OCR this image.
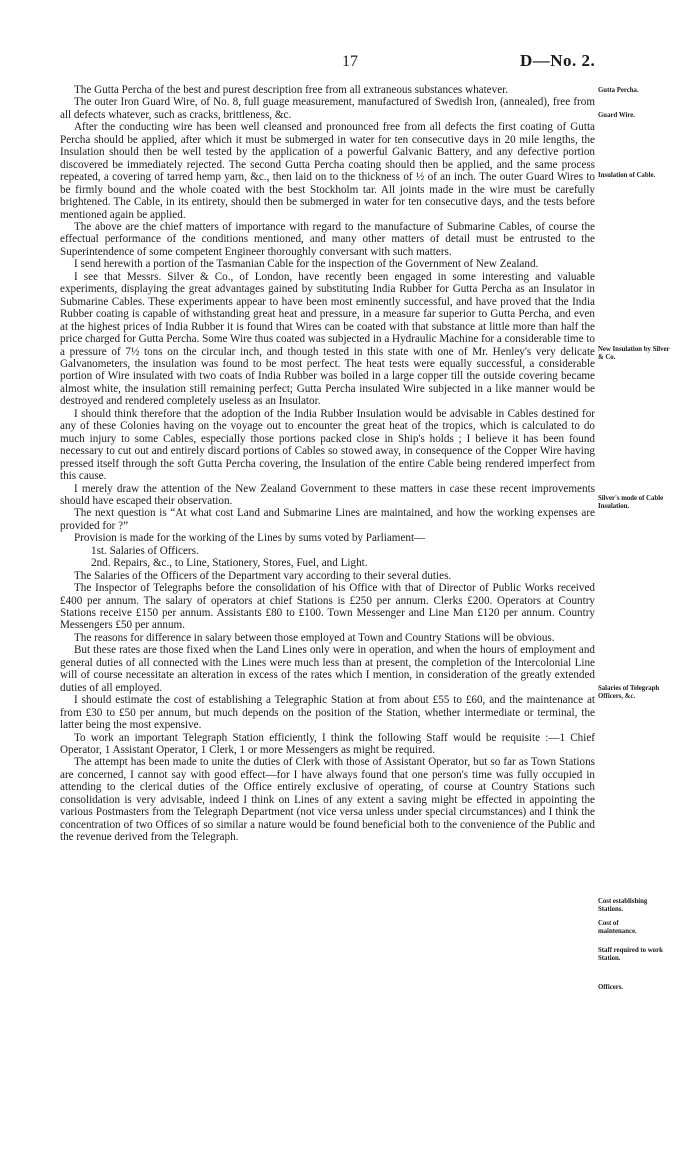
17	D—No. 2.

The Gutta Percha of the best and purest description free from all extraneous substances whatever.

The outer Iron Guard Wire, of No. 8, full guage measurement, manufactured of Swedish Iron, (annealed), free from all defects whatever, such as cracks, brittleness, &c.

After the conducting wire has been well cleansed and pronounced free from all defects the first coating of Gutta Percha should be applied, after which it must be submerged in water for ten consecutive days in 20 mile lengths, the Insulation should then be well tested by the application of a powerful Galvanic Battery, and any defective portion discovered be immediately rejected. The second Gutta Percha coating should then be applied, and the same process repeated, a covering of tarred hemp yarn, &c., then laid on to the thickness of ½ of an inch. The outer Guard Wires to be firmly bound and the whole coated with the best Stockholm tar. All joints made in the wire must be carefully brightened. The Cable, in its entirety, should then be submerged in water for ten consecutive days, and the tests before mentioned again be applied.

The above are the chief matters of importance with regard to the manufacture of Submarine Cables, of course the effectual performance of the conditions mentioned, and many other matters of detail must be entrusted to the Superintendence of some competent Engineer thoroughly conversant with such matters.

I send herewith a portion of the Tasmanian Cable for the inspection of the Government of New Zealand.

I see that Messrs. Silver & Co., of London, have recently been engaged in some interesting and valuable experiments, displaying the great advantages gained by substituting India Rubber for Gutta Percha as an Insulator in Submarine Cables. These experiments appear to have been most eminently successful, and have proved that the India Rubber coating is capable of withstanding great heat and pressure, in a measure far superior to Gutta Percha, and even at the highest prices of India Rubber it is found that Wires can be coated with that substance at little more than half the price charged for Gutta Percha. Some Wire thus coated was subjected in a Hydraulic Machine for a considerable time to a pressure of 7½ tons on the circular inch, and though tested in this state with one of Mr. Henley's very delicate Galvanometers, the insulation was found to be most perfect. The heat tests were equally successful, a considerable portion of Wire insulated with two coats of India Rubber was boiled in a large copper till the outside covering became almost white, the insulation still remaining perfect; Gutta Percha insulated Wire subjected in a like manner would be destroyed and rendered completely useless as an Insulator.

I should think therefore that the adoption of the India Rubber Insulation would be advisable in Cables destined for any of these Colonies having on the voyage out to encounter the great heat of the tropics, which is calculated to do much injury to some Cables, especially those portions packed close in Ship's holds ; I believe it has been found necessary to cut out and entirely discard portions of Cables so stowed away, in consequence of the Copper Wire having pressed itself through the soft Gutta Percha covering, the Insulation of the entire Cable being rendered imperfect from this cause.

I merely draw the attention of the New Zealand Government to these matters in case these recent improvements should have escaped their observation.

The next question is “At what cost Land and Submarine Lines are maintained, and how the working expenses are provided for ?”

Provision is made for the working of the Lines by sums voted by Parliament—

1st. Salaries of Officers.

2nd. Repairs, &c., to Line, Stationery, Stores, Fuel, and Light.

The Salaries of the Officers of the Department vary according to their several duties.

The Inspector of Telegraphs before the consolidation of his Office with that of Director of Public Works received £400 per annum. The salary of operators at chief Stations is £250 per annum. Clerks £200. Operators at Country Stations receive £150 per annum. Assistants £80 to £100. Town Messenger and Line Man £120 per annum. Country Messengers £50 per annum.

The reasons for difference in salary between those employed at Town and Country Stations will be obvious.

But these rates are those fixed when the Land Lines only were in operation, and when the hours of employment and general duties of all connected with the Lines were much less than at present, the completion of the Intercolonial Line will of course necessitate an alteration in excess of the rates which I mention, in consideration of the greatly extended duties of all employed.

I should estimate the cost of establishing a Telegraphic Station at from about £55 to £60, and the maintenance at from £30 to £50 per annum, but much depends on the position of the Station, whether intermediate or terminal, the latter being the most expensive.

To work an important Telegraph Station efficiently, I think the following Staff would be requisite :—1 Chief Operator, 1 Assistant Operator, 1 Clerk, 1 or more Messengers as might be required.

The attempt has been made to unite the duties of Clerk with those of Assistant Operator, but so far as Town Stations are concerned, I cannot say with good effect—for I have always found that one person's time was fully occupied in attending to the clerical duties of the Office entirely exclusive of operating, of course at Country Stations such consolidation is very advisable, indeed I think on Lines of any extent a saving might be effected in appointing the various Postmasters from the Telegraph Department (not vice versa unless under special circumstances) and I think the concentration of two Offices of so similar a nature would be found beneficial both to the convenience of the Public and the revenue derived from the Telegraph.

Gutta Percha.
Guard Wire.
Insulation of Cable.
New Insulation by Silver & Co.
Silver's mode of Cable Insulation.
Salaries of Telegraph Officers, &c.
Cost establishing Stations.
Cost of maintenance.
Staff required to work Station.
Officers.
